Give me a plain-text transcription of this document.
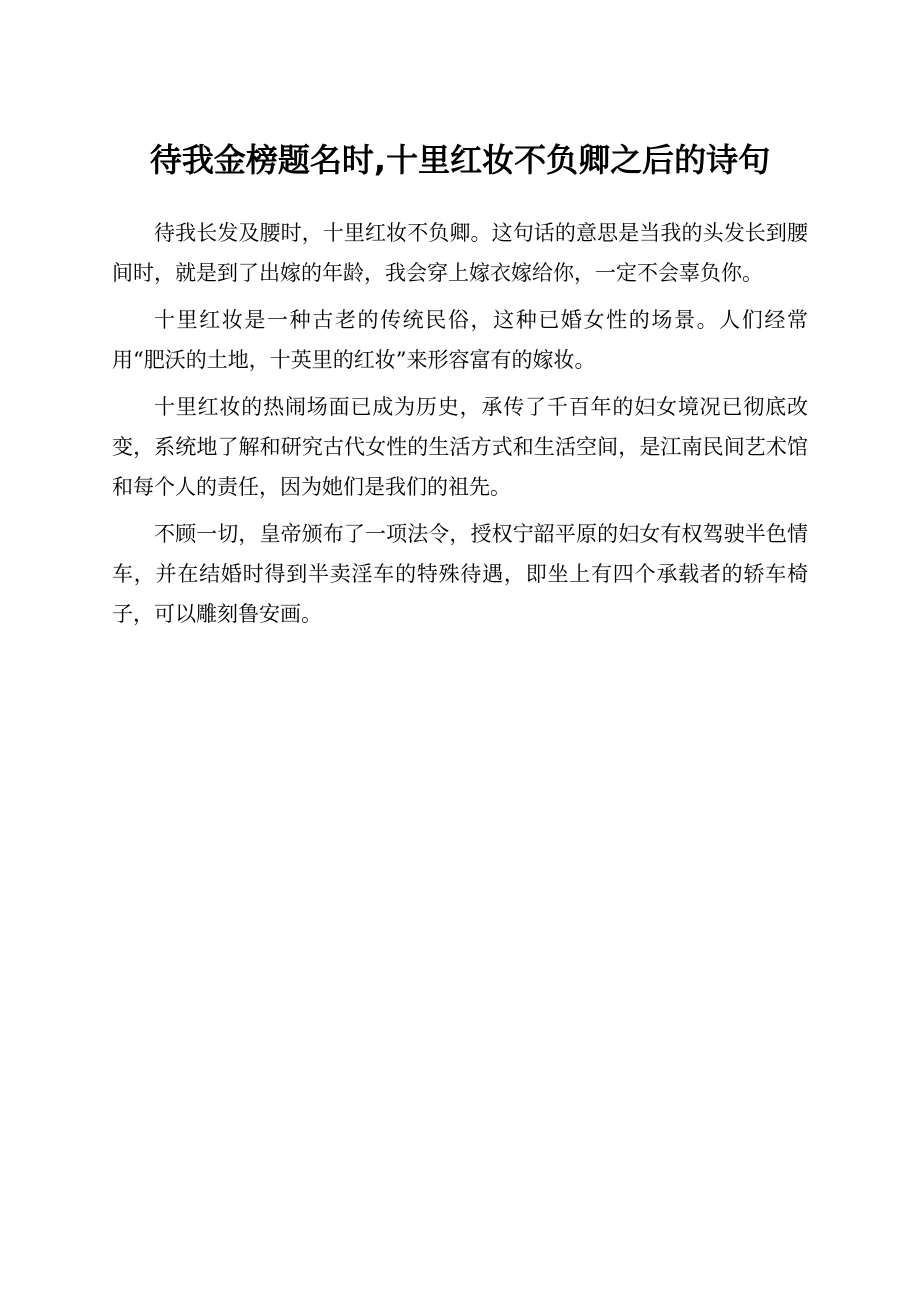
待我金榜题名时,十里红妆不负卿之后的诗句

待我长发及腰时，十里红妆不负卿。这句话的意思是当我的头发长到腰间时，就是到了出嫁的年龄，我会穿上嫁衣嫁给你，一定不会辜负你。

十里红妆是一种古老的传统民俗，这种已婚女性的场景。人们经常用“肥沃的土地，十英里的红妆”来形容富有的嫁妆。

十里红妆的热闹场面已成为历史，承传了千百年的妇女境况已彻底改变，系统地了解和研究古代女性的生活方式和生活空间，是江南民间艺术馆和每个人的责任，因为她们是我们的祖先。

不顾一切，皇帝颁布了一项法令，授权宁韶平原的妇女有权驾驶半色情车，并在结婚时得到半卖淫车的特殊待遇，即坐上有四个承载者的轿车椅子，可以雕刻鲁安画。
